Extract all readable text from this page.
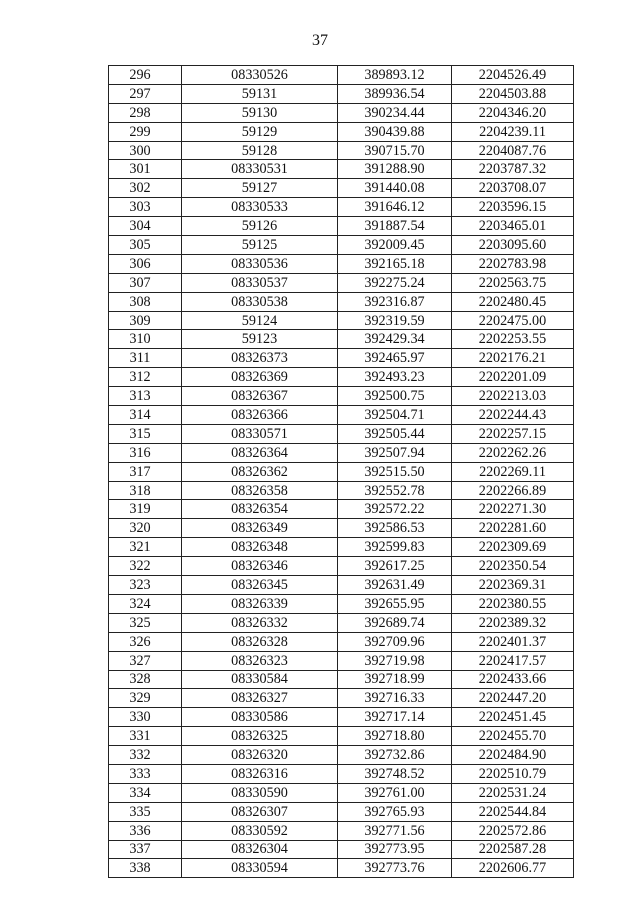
37
296	08330526	389893.12	2204526.49
297	59131	389936.54	2204503.88
298	59130	390234.44	2204346.20
299	59129	390439.88	2204239.11
300	59128	390715.70	2204087.76
301	08330531	391288.90	2203787.32
302	59127	391440.08	2203708.07
303	08330533	391646.12	2203596.15
304	59126	391887.54	2203465.01
305	59125	392009.45	2203095.60
306	08330536	392165.18	2202783.98
307	08330537	392275.24	2202563.75
308	08330538	392316.87	2202480.45
309	59124	392319.59	2202475.00
310	59123	392429.34	2202253.55
311	08326373	392465.97	2202176.21
312	08326369	392493.23	2202201.09
313	08326367	392500.75	2202213.03
314	08326366	392504.71	2202244.43
315	08330571	392505.44	2202257.15
316	08326364	392507.94	2202262.26
317	08326362	392515.50	2202269.11
318	08326358	392552.78	2202266.89
319	08326354	392572.22	2202271.30
320	08326349	392586.53	2202281.60
321	08326348	392599.83	2202309.69
322	08326346	392617.25	2202350.54
323	08326345	392631.49	2202369.31
324	08326339	392655.95	2202380.55
325	08326332	392689.74	2202389.32
326	08326328	392709.96	2202401.37
327	08326323	392719.98	2202417.57
328	08330584	392718.99	2202433.66
329	08326327	392716.33	2202447.20
330	08330586	392717.14	2202451.45
331	08326325	392718.80	2202455.70
332	08326320	392732.86	2202484.90
333	08326316	392748.52	2202510.79
334	08330590	392761.00	2202531.24
335	08326307	392765.93	2202544.84
336	08330592	392771.56	2202572.86
337	08326304	392773.95	2202587.28
338	08330594	392773.76	2202606.77
